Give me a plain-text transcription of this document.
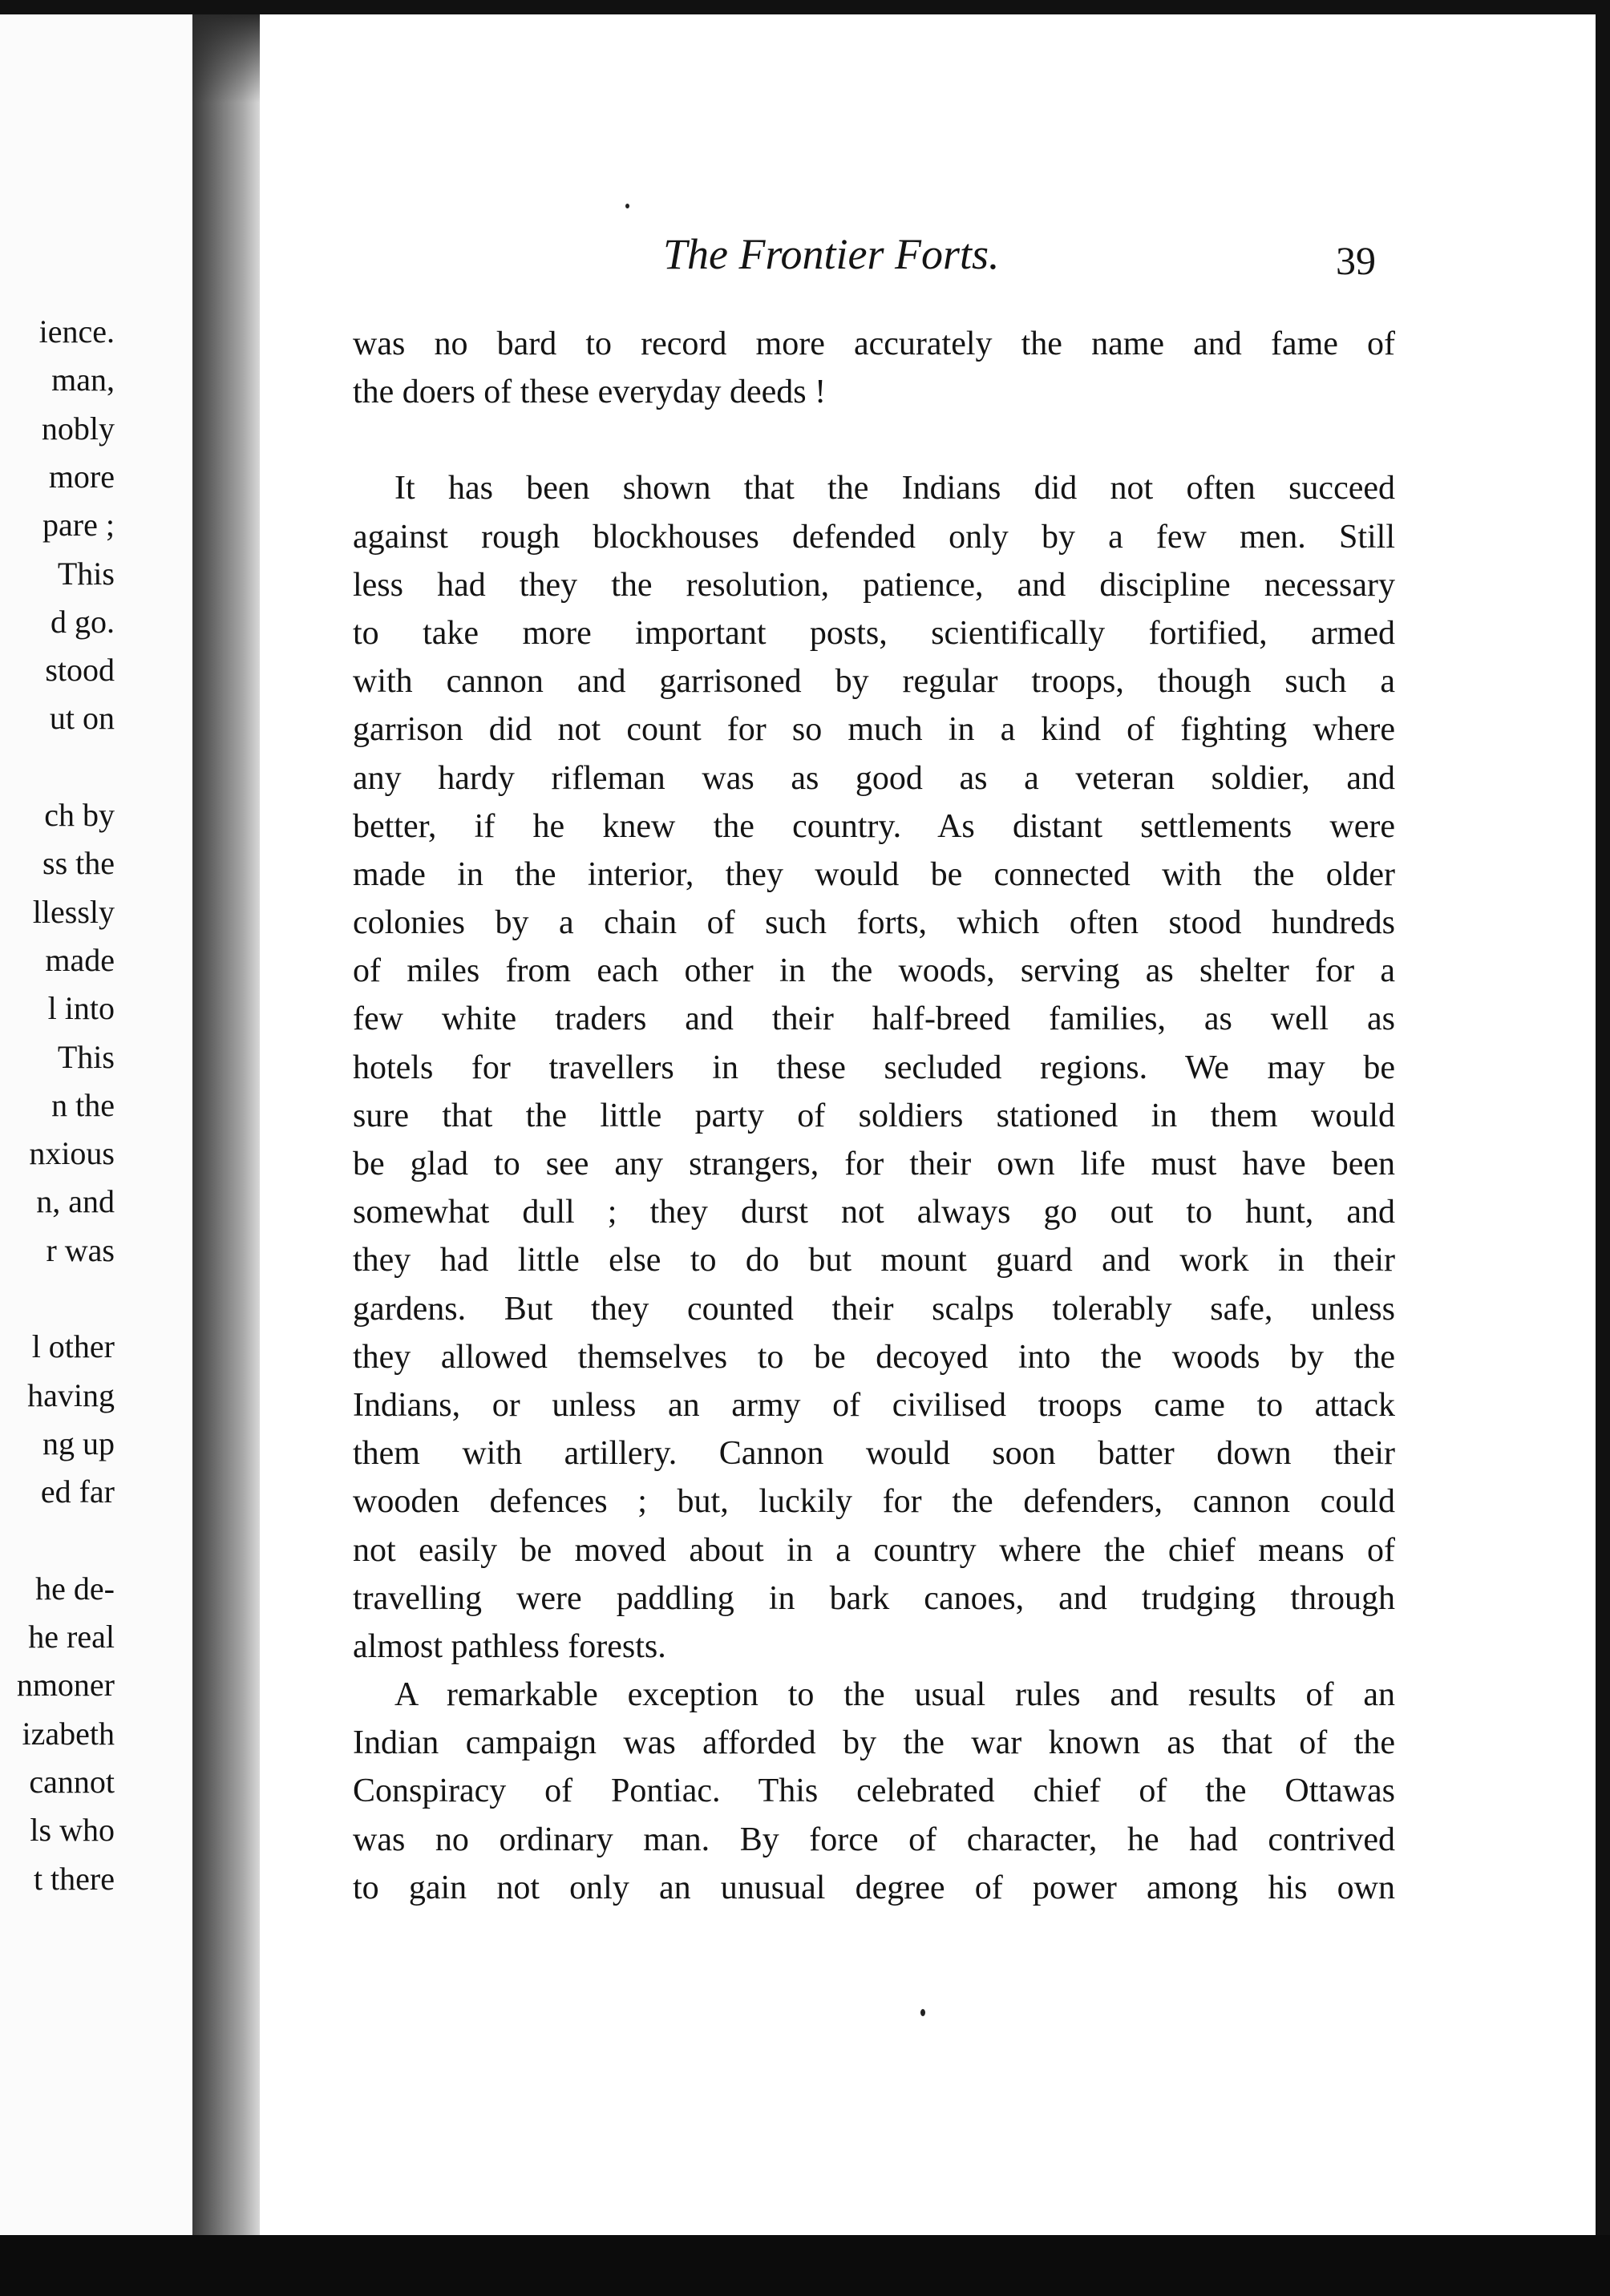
ience.
man,
nobly
more
pare ;
This
d go.
stood
ut on
ch by
ss the
llessly
made
l into
This
n the
nxious
n, and
r was
l other
having
ng up
ed far
he de-
he real
nmoner
izabeth
cannot
ls who
t there
The Frontier Forts.	39
was no bard to record more accurately the name and fame of
the doers of these everyday deeds !
It has been shown that the Indians did not often succeed
against rough blockhouses defended only by a few men. Still
less had they the resolution, patience, and discipline necessary
to take more important posts, scientifically fortified, armed
with cannon and garrisoned by regular troops, though such a
garrison did not count for so much in a kind of fighting where
any hardy rifleman was as good as a veteran soldier, and
better, if he knew the country. As distant settlements were
made in the interior, they would be connected with the older
colonies by a chain of such forts, which often stood hundreds
of miles from each other in the woods, serving as shelter for a
few white traders and their half-breed families, as well as
hotels for travellers in these secluded regions. We may be
sure that the little party of soldiers stationed in them would
be glad to see any strangers, for their own life must have been
somewhat dull ; they durst not always go out to hunt, and
they had little else to do but mount guard and work in their
gardens. But they counted their scalps tolerably safe, unless
they allowed themselves to be decoyed into the woods by the
Indians, or unless an army of civilised troops came to attack
them with artillery. Cannon would soon batter down their
wooden defences ; but, luckily for the defenders, cannon could
not easily be moved about in a country where the chief means of
travelling were paddling in bark canoes, and trudging through
almost pathless forests.
A remarkable exception to the usual rules and results of an
Indian campaign was afforded by the war known as that of the
Conspiracy of Pontiac. This celebrated chief of the Ottawas
was no ordinary man. By force of character, he had contrived
to gain not only an unusual degree of power among his own
